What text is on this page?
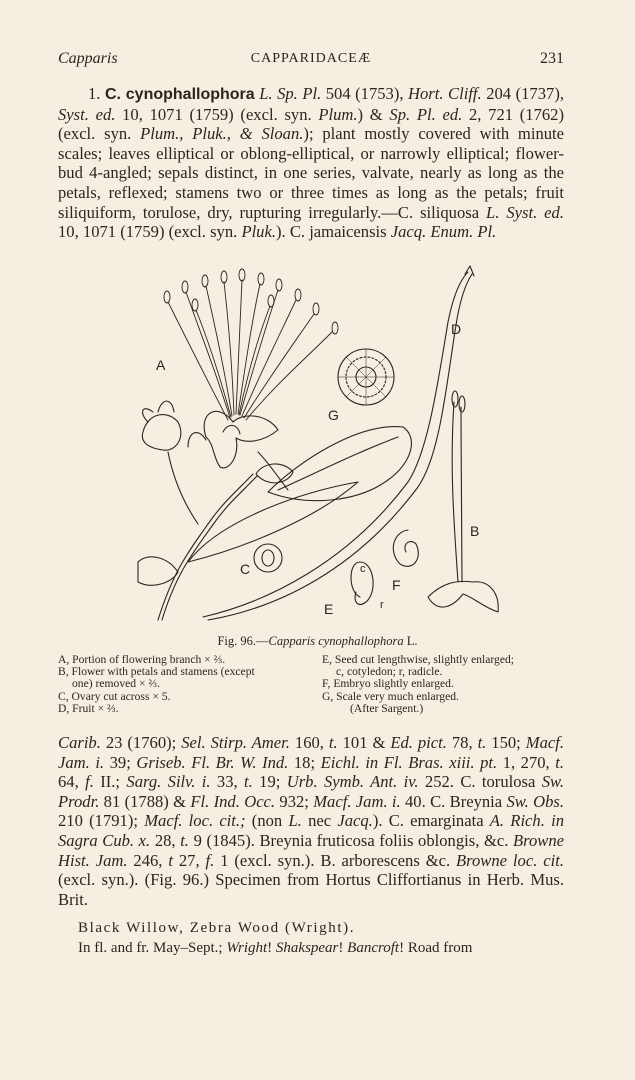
Capparis	CAPPARIDACEÆ	231
1. C. cynophallophora L. Sp. Pl. 504 (1753), Hort. Cliff. 204 (1737), Syst. ed. 10, 1071 (1759) (excl. syn. Plum.) & Sp. Pl. ed. 2, 721 (1762) (excl. syn. Plum., Pluk., & Sloan.); plant mostly covered with minute scales; leaves elliptical or oblong-elliptical, or narrowly elliptical; flower-bud 4-angled; sepals distinct, in one series, valvate, nearly as long as the petals, reflexed; stamens two or three times as long as the petals; fruit siliquiform, torulose, dry, rupturing irregularly.—C. siliquosa L. Syst. ed. 10, 1071 (1759) (excl. syn. Pluk.). C. jamaicensis Jacq. Enum. Pl.
A
B
C	c
D
E
F
G
r
Fig. 96.—Capparis cynophallophora L.
A, Portion of flowering branch × ⅔.
B, Flower with petals and stamens (except
one) removed × ⅔.
C, Ovary cut across × 5.
D, Fruit × ⅔.
E, Seed cut lengthwise, slightly enlarged;
c, cotyledon; r, radicle.
F, Embryo slightly enlarged.
G, Scale very much enlarged.
(After Sargent.)
Carib. 23 (1760); Sel. Stirp. Amer. 160, t. 101 & Ed. pict. 78, t. 150; Macf. Jam. i. 39; Griseb. Fl. Br. W. Ind. 18; Eichl. in Fl. Bras. xiii. pt. 1, 270, t. 64, f. II.; Sarg. Silv. i. 33, t. 19; Urb. Symb. Ant. iv. 252. C. torulosa Sw. Prodr. 81 (1788) & Fl. Ind. Occ. 932; Macf. Jam. i. 40. C. Breynia Sw. Obs. 210 (1791); Macf. loc. cit.; (non L. nec Jacq.). C. emarginata A. Rich. in Sagra Cub. x. 28, t. 9 (1845). Breynia fruticosa foliis oblongis, &c. Browne Hist. Jam. 246, t 27, f. 1 (excl. syn.). B. arborescens &c. Browne loc. cit. (excl. syn.). (Fig. 96.) Specimen from Hortus Cliffortianus in Herb. Mus. Brit.
Black Willow, Zebra Wood (Wright).
In fl. and fr. May–Sept.; Wright! Shakspear! Bancroft! Road from
